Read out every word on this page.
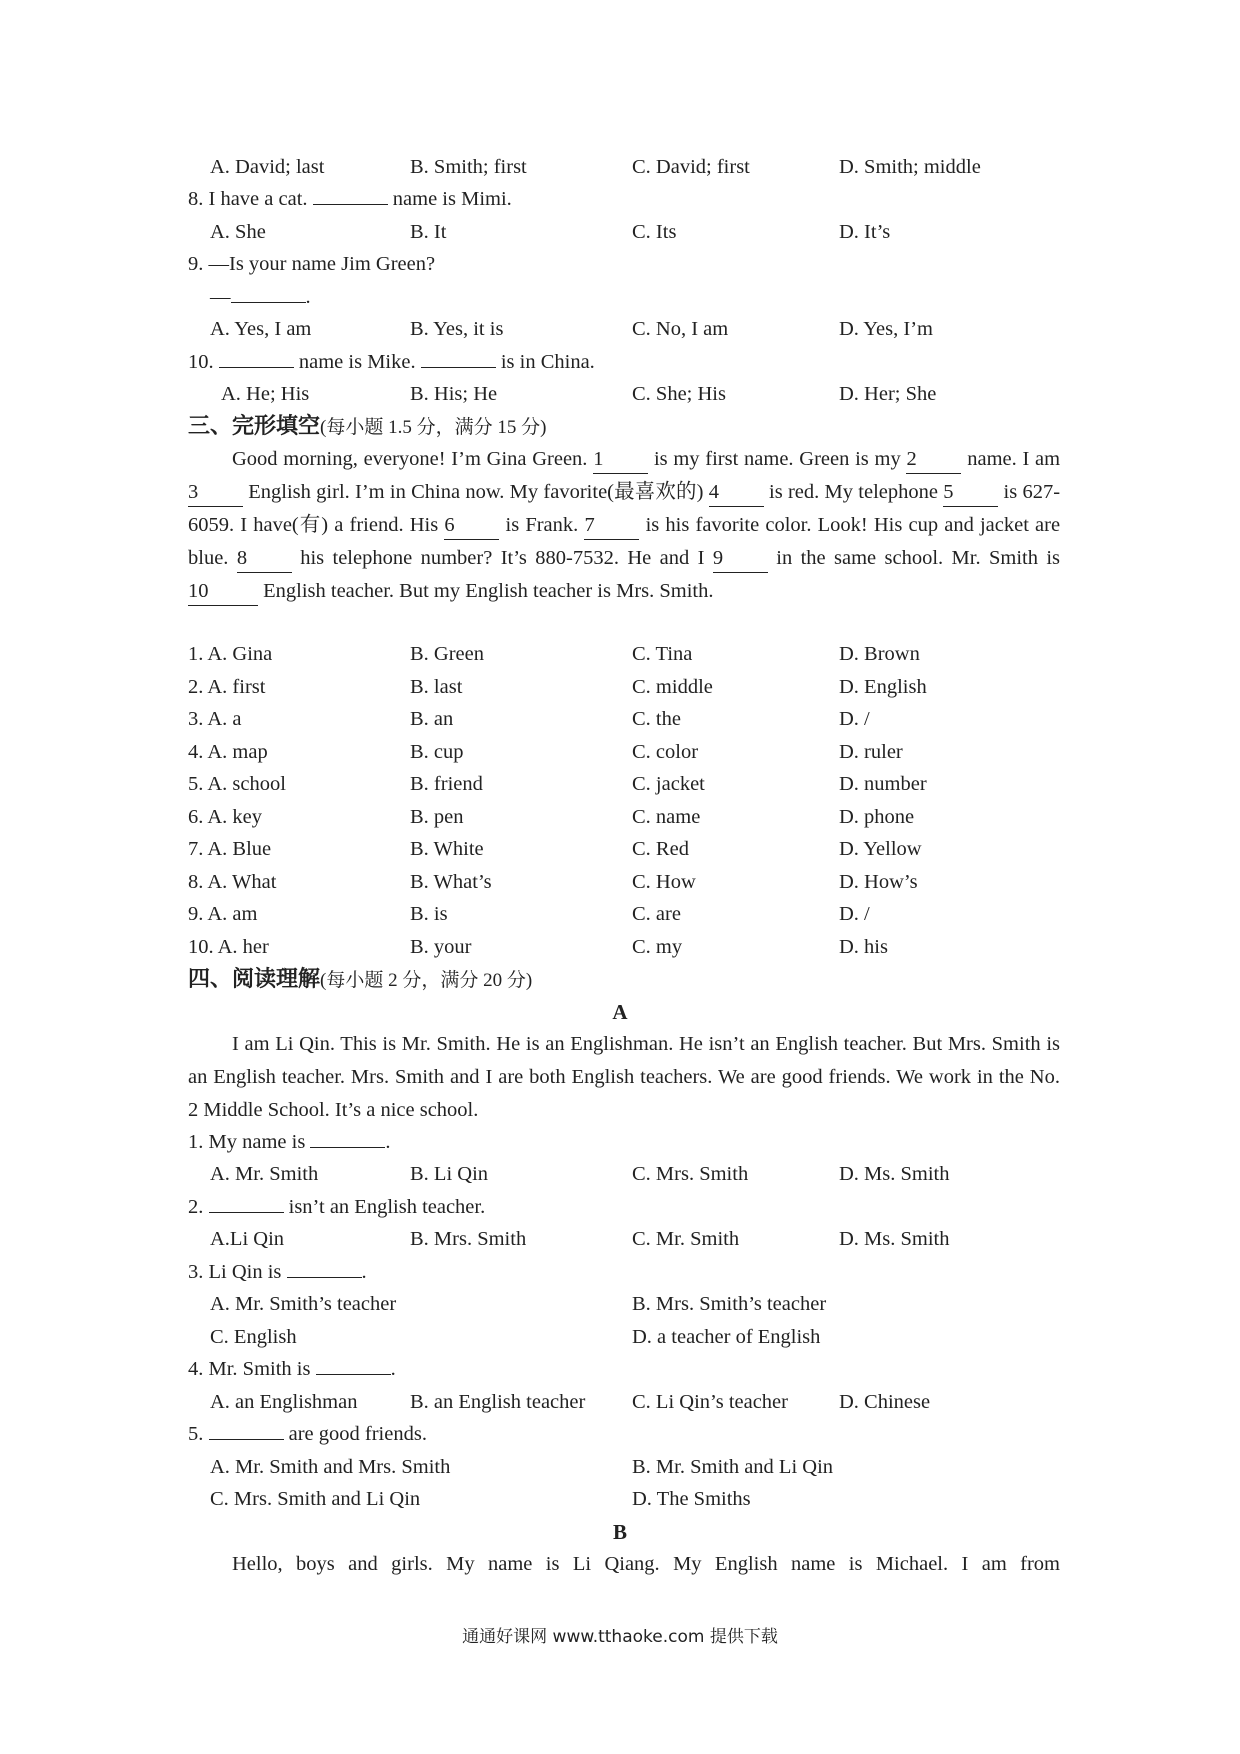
A. David; last	B. Smith; first	C. David; first	D. Smith; middle
8. I have a cat.	name is Mimi.
A. She	B. It	C. Its	D. It’s
9. —Is your name Jim Green?
—	.
A. Yes, I am	B. Yes, it is	C. No, I am	D. Yes, I’m
10.	name is Mike.	is in China.
A. He; His	B. His; He	C. She; His	D. Her; She
三、完形填空(每小题 1.5 分，满分 15 分)
Good morning, everyone! I’m Gina Green. 1 is my first name. Green is my 2 name. I am 3 English girl. I’m in China now. My favorite(最喜欢的) 4 is red. My telephone 5 is 627-6059. I have(有) a friend. His 6 is Frank. 7 is his favorite color. Look! His cup and jacket are blue. 8	his telephone number? It’s 880-7532. He and I 9	in the same school. Mr. Smith is 10	English teacher. But my English teacher is Mrs. Smith.
1. A. Gina	B. Green	C. Tina	D. Brown
2. A. first	B. last	C. middle	D. English
3. A. a	B. an	C. the	D. /
4. A. map	B. cup	C. color	D. ruler
5. A. school	B. friend	C. jacket	D. number
6. A. key	B. pen	C. name	D. phone
7. A. Blue	B. White	C. Red	D. Yellow
8. A. What	B. What’s	C. How	D. How’s
9. A. am	B. is	C. are	D. /
10. A. her	B. your	C. my	D. his
四、阅读理解(每小题 2 分，满分 20 分)
A
I am Li Qin. This is Mr. Smith. He is an Englishman. He isn’t an English teacher. But Mrs. Smith is an English teacher. Mrs. Smith and I are both English teachers. We are good friends. We work in the No. 2 Middle School. It’s a nice school.
1. My name is	.
A. Mr. Smith	B. Li Qin	C. Mrs. Smith	D. Ms. Smith
2.	isn’t an English teacher.
A.Li Qin	B. Mrs. Smith	C. Mr. Smith	D. Ms. Smith
3. Li Qin is	.
A. Mr. Smith’s teacher	B. Mrs. Smith’s teacher
C. English	D. a teacher of English
4. Mr. Smith is	.
A. an Englishman	B. an English teacher C. Li Qin’s teacher D. Chinese
5.	are good friends.
A. Mr. Smith and Mrs. Smith	B. Mr. Smith and Li Qin
C. Mrs. Smith and Li Qin	D. The Smiths
B
Hello, boys and girls. My name is Li Qiang. My English name is Michael. I am from
通通好课网 www.tthaoke.com 提供下载
